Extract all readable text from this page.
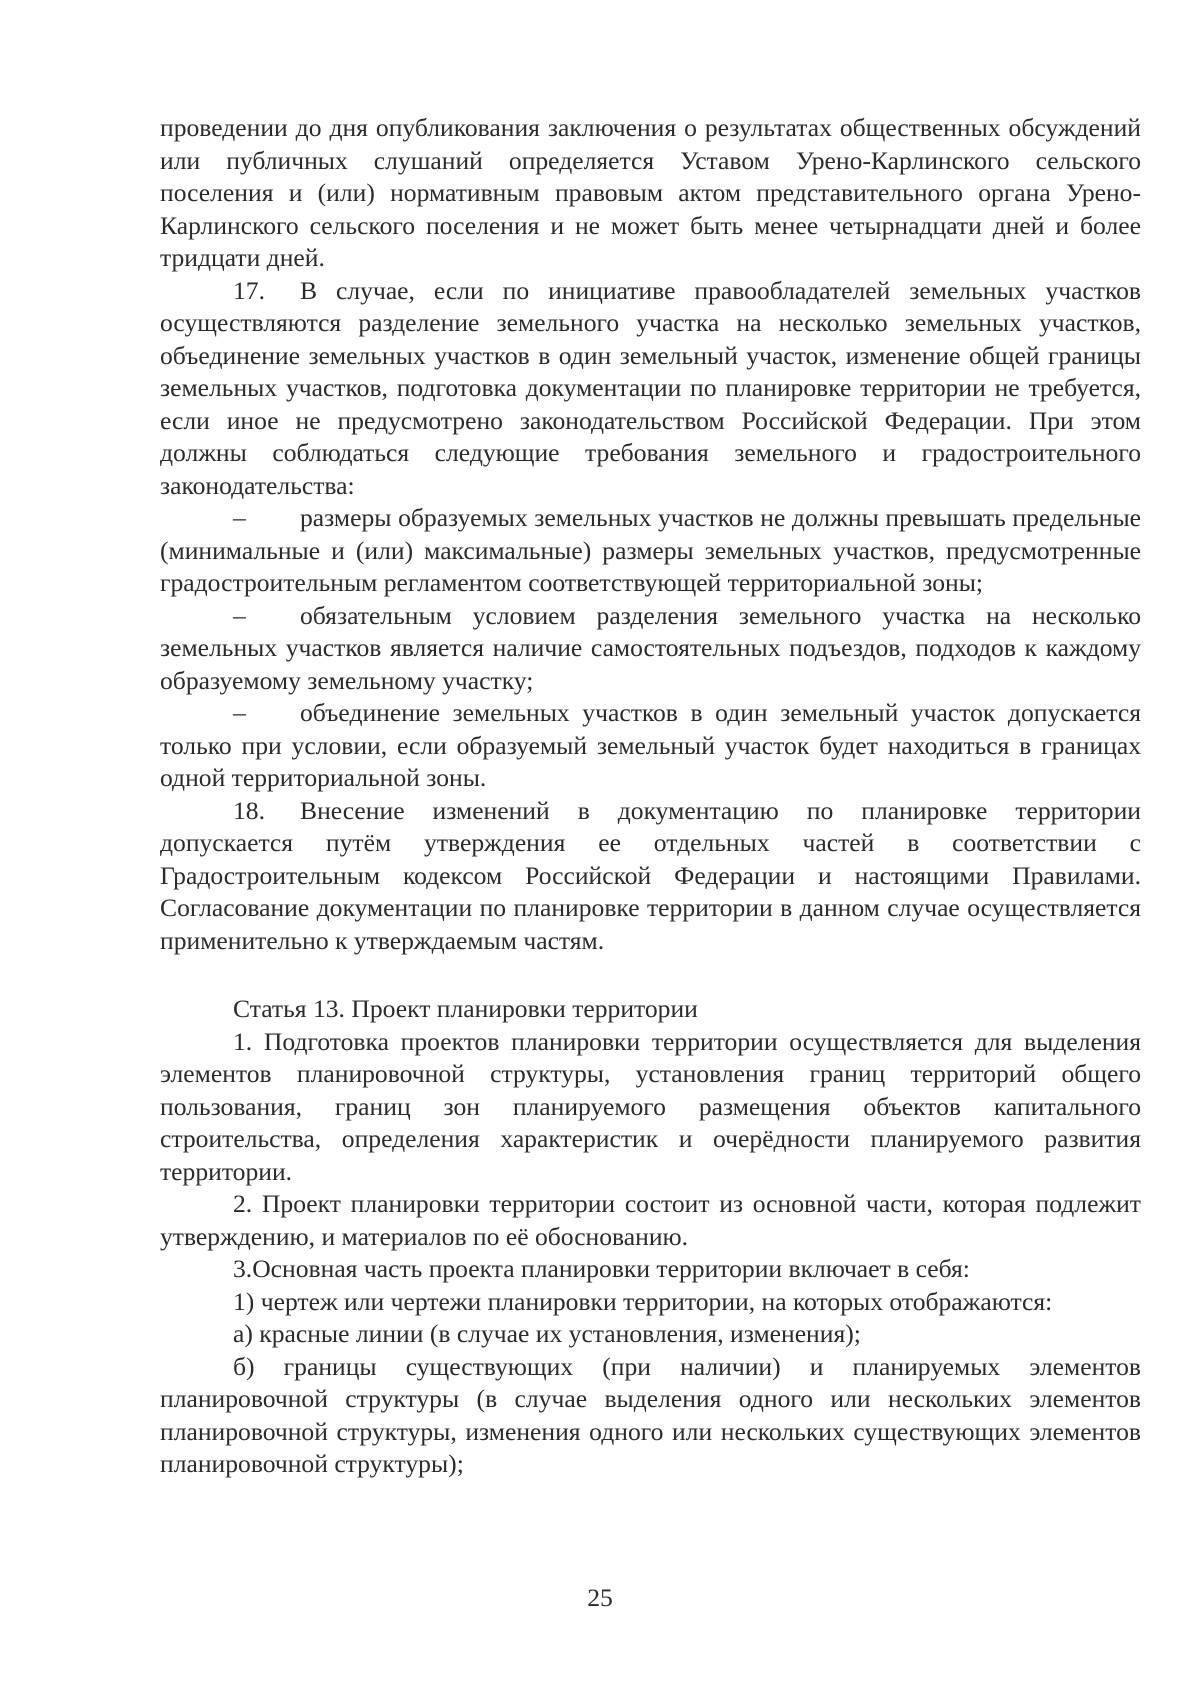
проведении до дня опубликования заключения о результатах общественных обсуждений или публичных слушаний определяется Уставом Урено-Карлинского сельского поселения и (или) нормативным правовым актом представительного органа Урено-Карлинского сельского поселения и не может быть менее четырнадцати дней и более тридцати дней.

17. В случае, если по инициативе правообладателей земельных участков осуществляются разделение земельного участка на несколько земельных участков, объединение земельных участков в один земельный участок, изменение общей границы земельных участков, подготовка документации по планировке территории не требуется, если иное не предусмотрено законодательством Российской Федерации. При этом должны соблюдаться следующие требования земельного и градостроительного законодательства:

– размеры образуемых земельных участков не должны превышать предельные (минимальные и (или) максимальные) размеры земельных участков, предусмотренные градостроительным регламентом соответствующей территориальной зоны;

– обязательным условием разделения земельного участка на несколько земельных участков является наличие самостоятельных подъездов, подходов к каждому образуемому земельному участку;

– объединение земельных участков в один земельный участок допускается только при условии, если образуемый земельный участок будет находиться в границах одной территориальной зоны.

18. Внесение изменений в документацию по планировке территории допускается путём утверждения ее отдельных частей в соответствии с Градостроительным кодексом Российской Федерации и настоящими Правилами. Согласование документации по планировке территории в данном случае осуществляется применительно к утверждаемым частям.

Статья 13. Проект планировки территории

1. Подготовка проектов планировки территории осуществляется для выделения элементов планировочной структуры, установления границ территорий общего пользования, границ зон планируемого размещения объектов капитального строительства, определения характеристик и очерёдности планируемого развития территории.

2. Проект планировки территории состоит из основной части, которая подлежит утверждению, и материалов по её обоснованию.

3.Основная часть проекта планировки территории включает в себя:

1) чертеж или чертежи планировки территории, на которых отображаются:

а) красные линии (в случае их установления, изменения);

б) границы существующих (при наличии) и планируемых элементов планировочной структуры (в случае выделения одного или нескольких элементов планировочной структуры, изменения одного или нескольких существующих элементов планировочной структуры);

25
